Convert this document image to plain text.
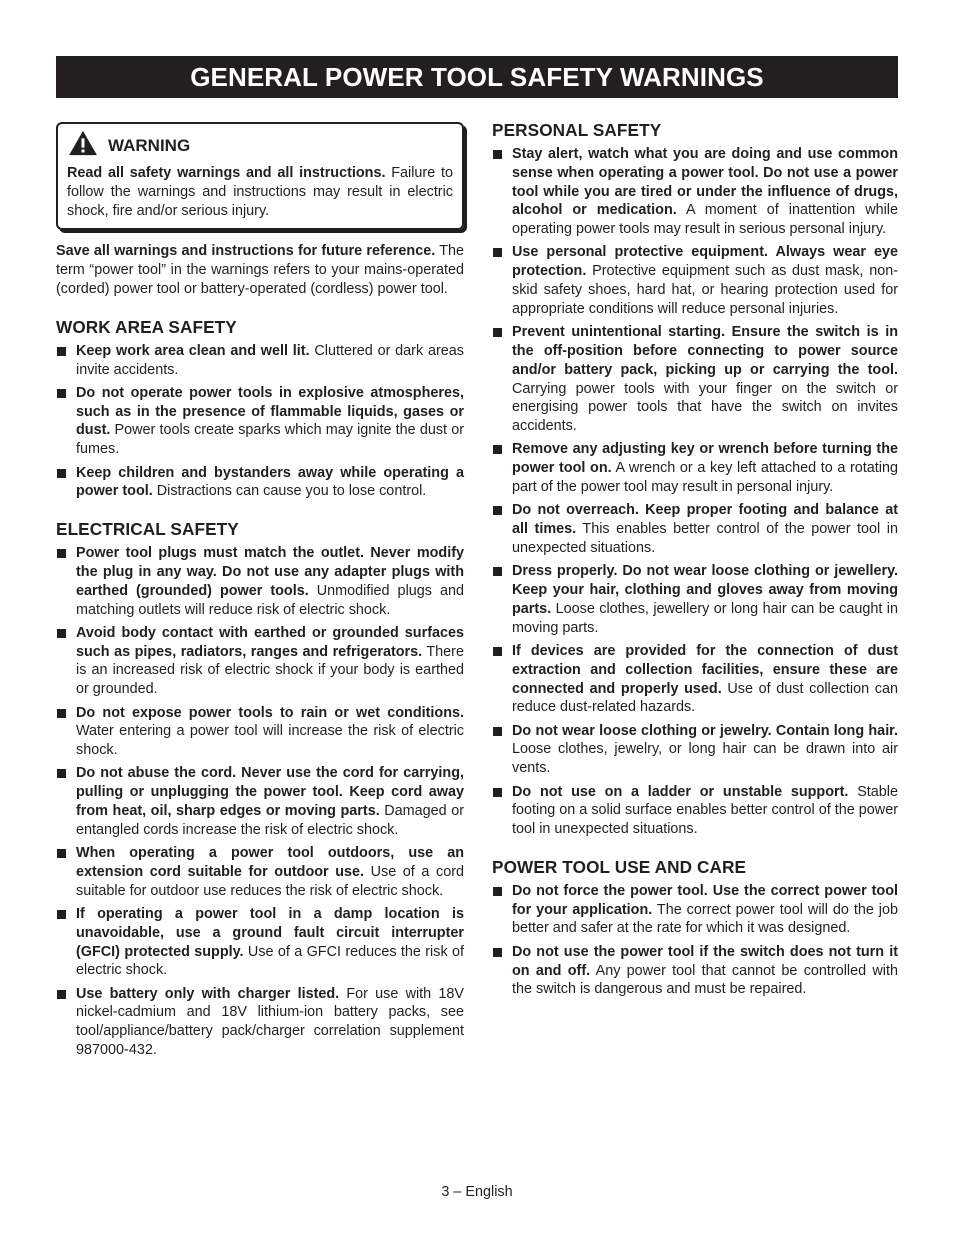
GENERAL POWER TOOL SAFETY WARNINGS
WARNING

Read all safety warnings and all instructions. Failure to follow the warnings and instructions may result in electric shock, fire and/or serious injury.

Save all warnings and instructions for future reference. The term “power tool” in the warnings refers to your mains-operated (corded) power tool or battery-operated (cordless) power tool.

WORK AREA SAFETY
Keep work area clean and well lit. Cluttered or dark areas invite accidents.
Do not operate power tools in explosive atmospheres, such as in the presence of flammable liquids, gases or dust. Power tools create sparks which may ignite the dust or fumes.
Keep children and bystanders away while operating a power tool. Distractions can cause you to lose control.
ELECTRICAL SAFETY
Power tool plugs must match the outlet. Never modify the plug in any way. Do not use any adapter plugs with earthed (grounded) power tools. Unmodified plugs and matching outlets will reduce risk of electric shock.
Avoid body contact with earthed or grounded surfaces such as pipes, radiators, ranges and refrigerators. There is an increased risk of electric shock if your body is earthed or grounded.
Do not expose power tools to rain or wet conditions. Water entering a power tool will increase the risk of electric shock.
Do not abuse the cord. Never use the cord for carrying, pulling or unplugging the power tool. Keep cord away from heat, oil, sharp edges or moving parts. Damaged or entangled cords increase the risk of electric shock.
When operating a power tool outdoors, use an extension cord suitable for outdoor use. Use of a cord suitable for outdoor use reduces the risk of electric shock.
If operating a power tool in a damp location is unavoidable, use a ground fault circuit interrupter (GFCI) protected supply. Use of a GFCI reduces the risk of electric shock.
Use battery only with charger listed. For use with 18V nickel-cadmium and 18V lithium-ion battery packs, see tool/appliance/battery pack/charger correlation supplement 987000-432.
PERSONAL SAFETY
Stay alert, watch what you are doing and use common sense when operating a power tool. Do not use a power tool while you are tired or under the influence of drugs, alcohol or medication. A moment of inattention while operating power tools may result in serious personal injury.
Use personal protective equipment. Always wear eye protection. Protective equipment such as dust mask, non-skid safety shoes, hard hat, or hearing protection used for appropriate conditions will reduce personal injuries.
Prevent unintentional starting. Ensure the switch is in the off-position before connecting to power source and/or battery pack, picking up or carrying the tool. Carrying power tools with your finger on the switch or energising power tools that have the switch on invites accidents.
Remove any adjusting key or wrench before turning the power tool on. A wrench or a key left attached to a rotating part of the power tool may result in personal injury.
Do not overreach. Keep proper footing and balance at all times. This enables better control of the power tool in unexpected situations.
Dress properly. Do not wear loose clothing or jewellery. Keep your hair, clothing and gloves away from moving parts. Loose clothes, jewellery or long hair can be caught in moving parts.
If devices are provided for the connection of dust extraction and collection facilities, ensure these are connected and properly used. Use of dust collection can reduce dust-related hazards.
Do not wear loose clothing or jewelry. Contain long hair. Loose clothes, jewelry, or long hair can be drawn into air vents.
Do not use on a ladder or unstable support. Stable footing on a solid surface enables better control of the power tool in unexpected situations.
POWER TOOL USE AND CARE
Do not force the power tool. Use the correct power tool for your application. The correct power tool will do the job better and safer at the rate for which it was designed.
Do not use the power tool if the switch does not turn it on and off. Any power tool that cannot be controlled with the switch is dangerous and must be repaired.
3 – English
